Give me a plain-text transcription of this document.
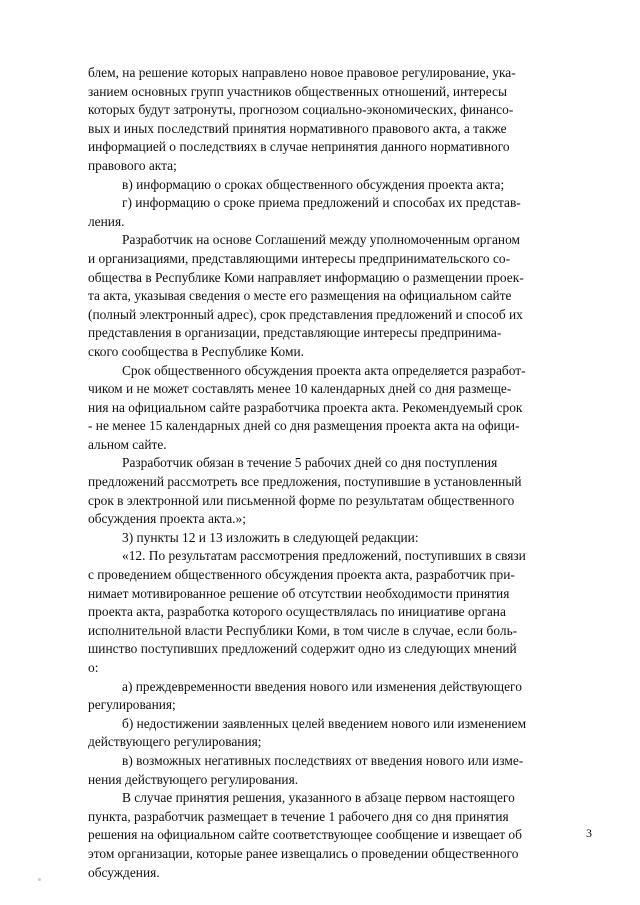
блем, на решение которых направлено новое правовое регулирование, ука-
занием основных групп участников общественных отношений, интересы
которых будут затронуты, прогнозом социально-экономических, финансо-
вых и иных последствий принятия нормативного правового акта, а также
информацией о последствиях в случае непринятия данного нормативного
правового акта;
в) информацию о сроках общественного обсуждения проекта акта;
г) информацию о сроке приема предложений и способах их представ-
ления.
Разработчик на основе Соглашений между уполномоченным органом
и организациями, представляющими интересы предпринимательского со-
общества в Республике Коми направляет информацию о размещении проек-
та акта, указывая сведения о месте его размещения на официальном сайте
(полный электронный адрес), срок представления предложений и способ их
представления в организации, представляющие интересы предпринима-
ского сообщества в Республике Коми.
Срок общественного обсуждения проекта акта определяется разработ-
чиком и не может составлять менее 10 календарных дней со дня размеще-
ния на официальном сайте разработчика проекта акта. Рекомендуемый срок
- не менее 15 календарных дней со дня размещения проекта акта на офици-
альном сайте.
Разработчик обязан в течение 5 рабочих дней со дня поступления
предложений рассмотреть все предложения, поступившие в установленный
срок в электронной или письменной форме по результатам общественного
обсуждения проекта акта.»;
3) пункты 12 и 13 изложить в следующей редакции:
«12. По результатам рассмотрения предложений, поступивших в связи
с проведением общественного обсуждения проекта акта, разработчик при-
нимает мотивированное решение об отсутствии необходимости принятия
проекта акта, разработка которого осуществлялась по инициативе органа
исполнительной власти Республики Коми, в том числе в случае, если боль-
шинство поступивших предложений содержит одно из следующих мнений
о:
а) преждевременности введения нового или изменения действующего
регулирования;
б) недостижении заявленных целей введением нового или изменением
действующего регулирования;
в) возможных негативных последствиях от введения нового или изме-
нения действующего регулирования.
В случае принятия решения, указанного в абзаце первом настоящего
пункта, разработчик размещает в течение 1 рабочего дня со дня принятия
решения на официальном сайте соответствующее сообщение и извещает об
этом организации, которые ранее извещались о проведении общественного
обсуждения.
3
